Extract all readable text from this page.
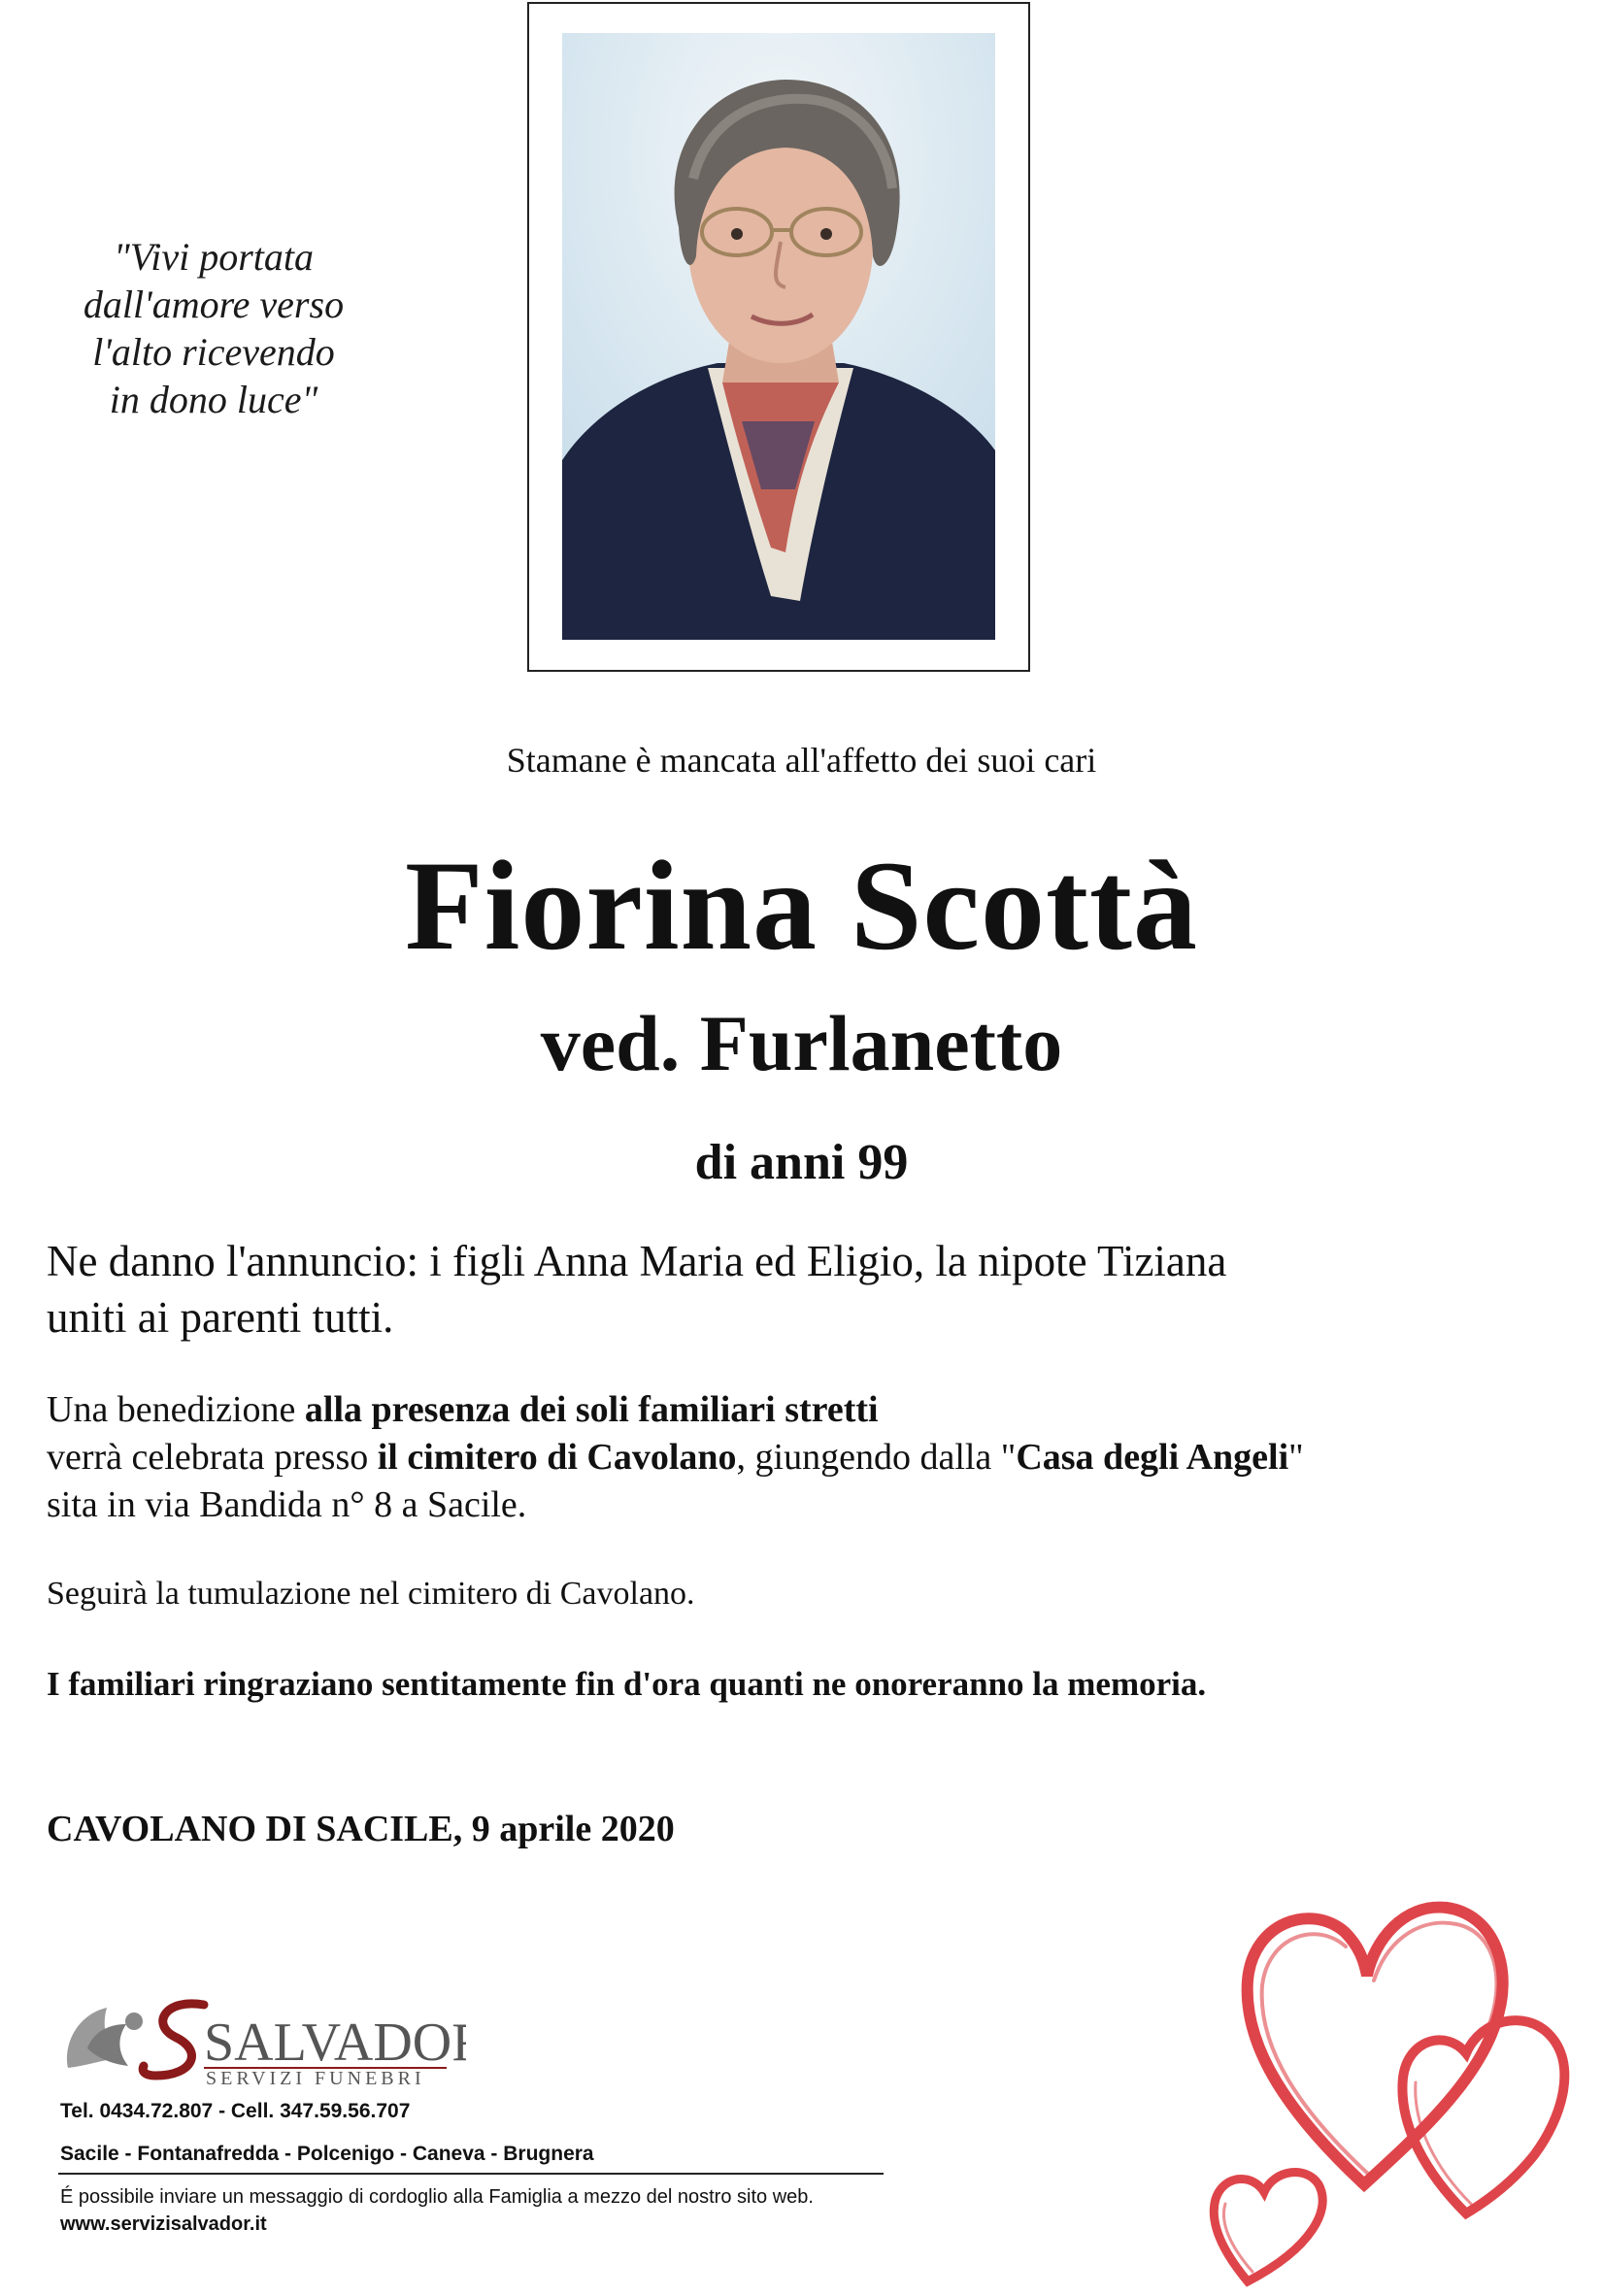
"Vivi portata
dall'amore verso
l'alto ricevendo
in dono luce"
Stamane è mancata all'affetto dei suoi cari
Fiorina Scottà
ved. Furlanetto
di anni 99
Ne danno l'annuncio: i figli Anna Maria ed Eligio, la nipote Tiziana
uniti ai parenti tutti.
Una benedizione alla presenza dei soli familiari stretti
verrà celebrata presso il cimitero di Cavolano, giungendo dalla "Casa degli Angeli"
sita in via Bandida n° 8 a Sacile.
Seguirà la tumulazione nel cimitero di Cavolano.
I familiari ringraziano sentitamente fin d'ora quanti ne onoreranno la memoria.
CAVOLANO DI SACILE, 9 aprile 2020
SALVADOR
SERVIZI FUNEBRI
Tel. 0434.72.807 - Cell. 347.59.56.707
Sacile - Fontanafredda - Polcenigo - Caneva - Brugnera
É possibile inviare un messaggio di cordoglio alla Famiglia a mezzo del nostro sito web.
www.servizisalvador.it
